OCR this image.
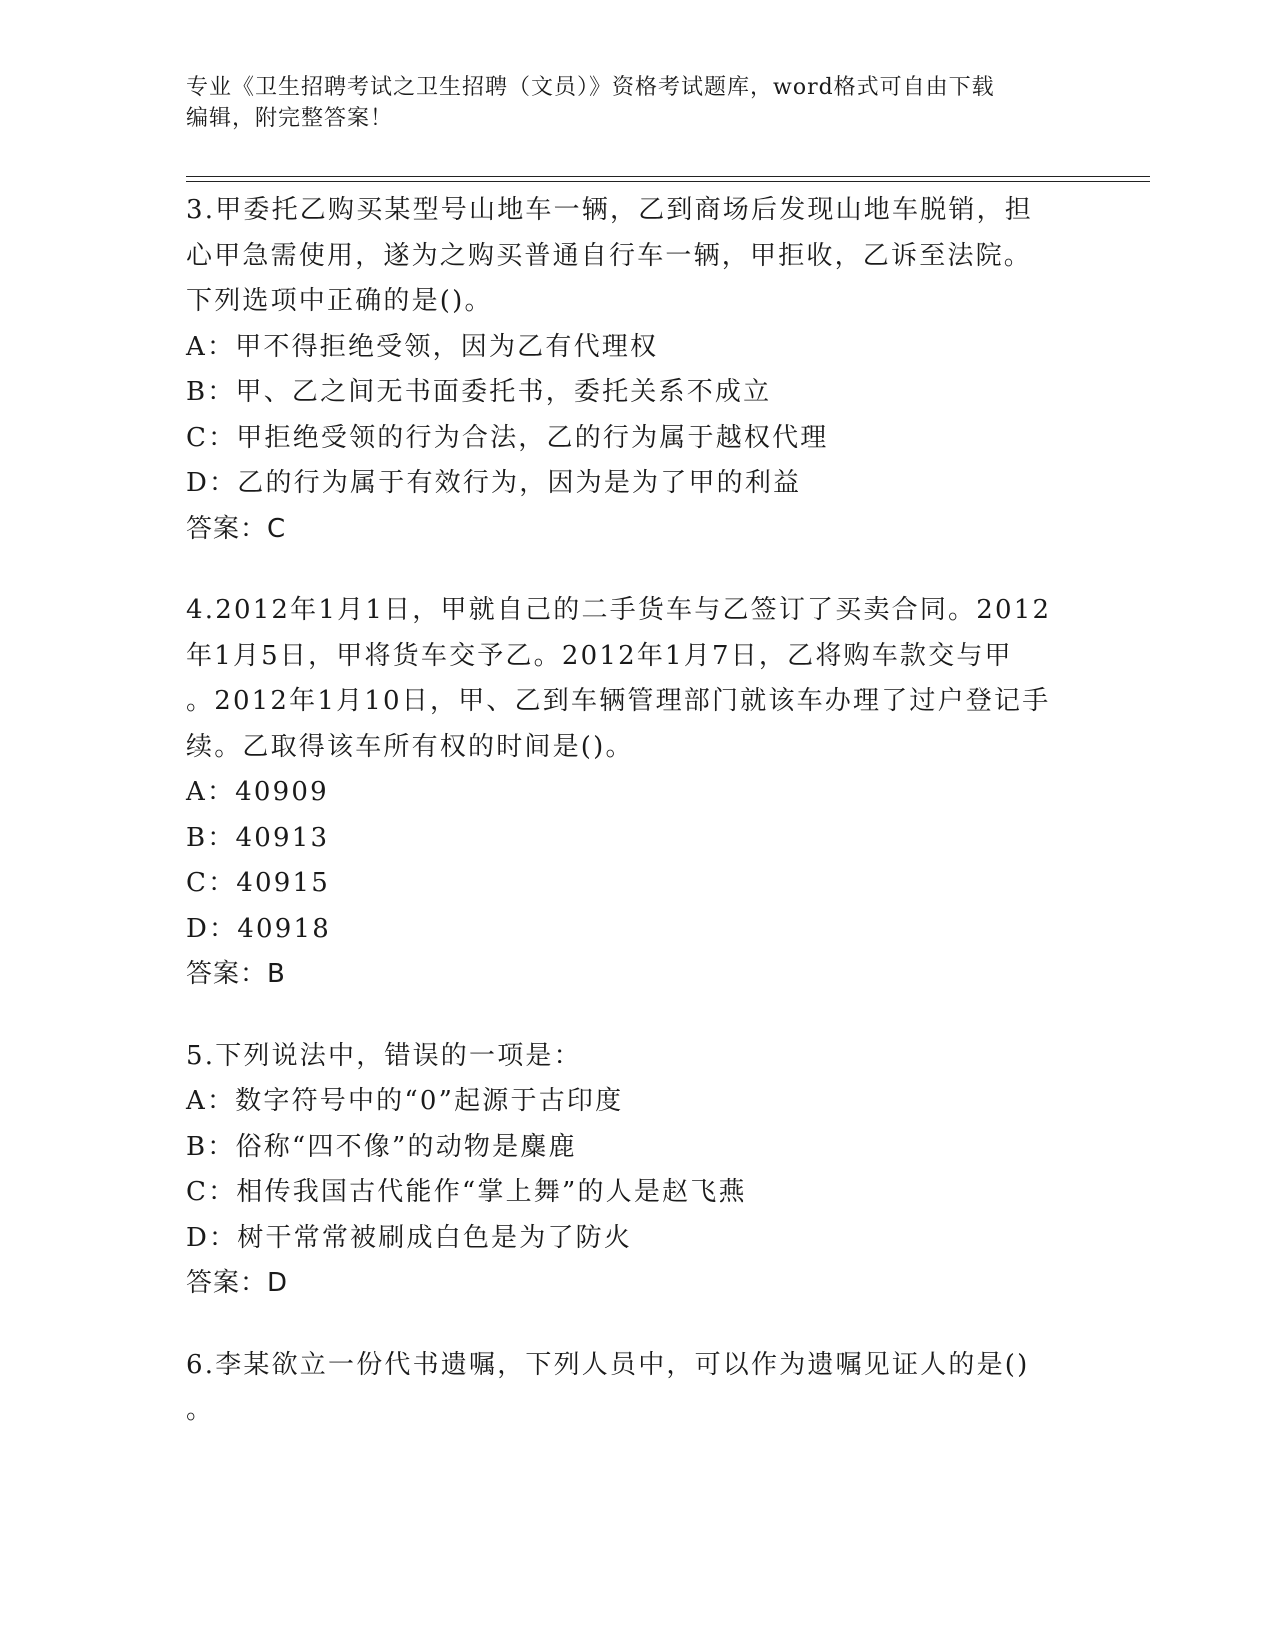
专业《卫生招聘考试之卫生招聘（文员）》资格考试题库，word格式可自由下载
编辑，附完整答案！

3.甲委托乙购买某型号山地车一辆，乙到商场后发现山地车脱销，担

心甲急需使用，遂为之购买普通自行车一辆，甲拒收，乙诉至法院。

下列选项中正确的是()。

A：甲不得拒绝受领，因为乙有代理权

B：甲、乙之间无书面委托书，委托关系不成立

C：甲拒绝受领的行为合法，乙的行为属于越权代理

D：乙的行为属于有效行为，因为是为了甲的利益

答案：C

4.2012年1月1日，甲就自己的二手货车与乙签订了买卖合同。2012

年1月5日，甲将货车交予乙。2012年1月7日，乙将购车款交与甲

。2012年1月10日，甲、乙到车辆管理部门就该车办理了过户登记手

续。乙取得该车所有权的时间是()。

A：40909

B：40913

C：40915

D：40918

答案：B

5.下列说法中，错误的一项是：

A：数字符号中的“0”起源于古印度

B：俗称“四不像”的动物是麋鹿

C：相传我国古代能作“掌上舞”的人是赵飞燕

D：树干常常被刷成白色是为了防火

答案：D

6.李某欲立一份代书遗嘱，下列人员中，可以作为遗嘱见证人的是()

。
